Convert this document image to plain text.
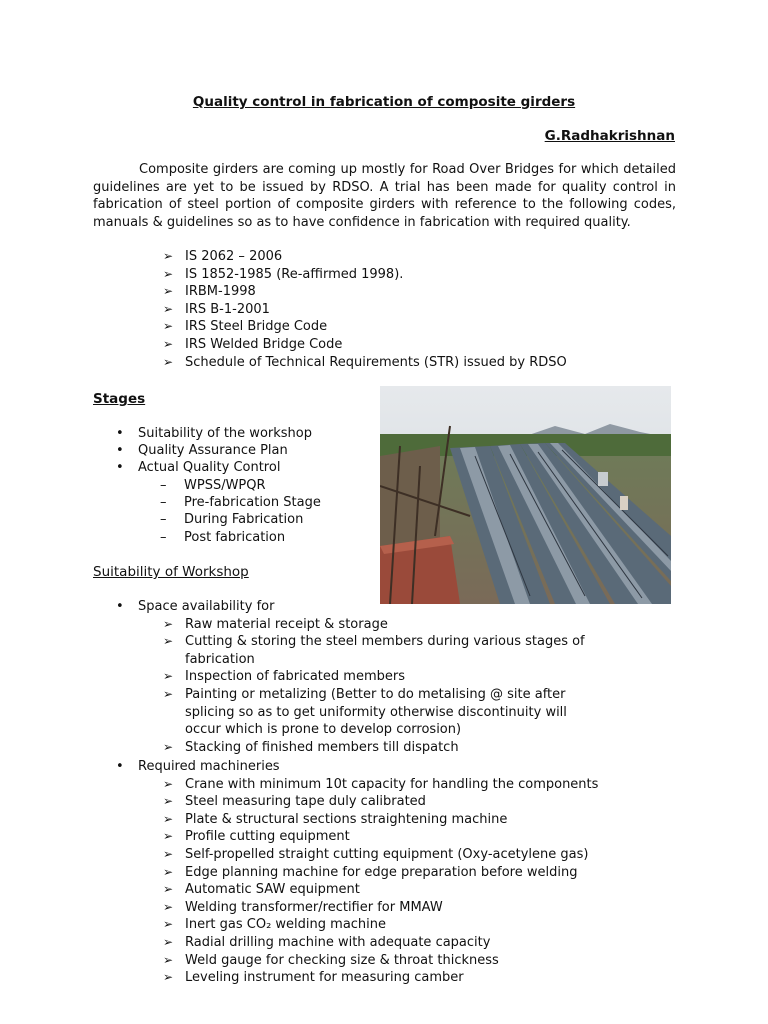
Quality control in fabrication of composite girders
G.Radhakrishnan

Composite girders are coming up mostly for Road Over Bridges for which detailed guidelines are yet to be issued by RDSO. A trial has been made for quality control in fabrication of steel portion of composite girders with reference to the following codes, manuals & guidelines so as to have confidence in fabrication with required quality.

➢ IS 2062 – 2006
➢ IS 1852-1985 (Re-affirmed 1998).
➢ IRBM-1998
➢ IRS B-1-2001
➢ IRS Steel Bridge Code
➢ IRS Welded Bridge Code
➢ Schedule of Technical Requirements (STR) issued by RDSO
Stages
• Suitability of the workshop
• Quality Assurance Plan
• Actual Quality Control
– WPSS/WPQR
– Pre-fabrication Stage
– During Fabrication
– Post fabrication
Suitability of Workshop
• Space availability for
➢ Raw material receipt & storage
➢ Cutting & storing the steel members during various stages of fabrication
➢ Inspection of fabricated members
➢ Painting or metalizing (Better to do metalising @ site after splicing so as to get uniformity otherwise discontinuity will occur which is prone to develop corrosion)
➢ Stacking of finished members till dispatch
• Required machineries
➢ Crane with minimum 10t capacity for handling the components
➢ Steel measuring tape duly calibrated
➢ Plate & structural sections straightening machine
➢ Profile cutting equipment
➢ Self-propelled straight cutting equipment (Oxy-acetylene gas)
➢ Edge planning machine for edge preparation before welding
➢ Automatic SAW equipment
➢ Welding transformer/rectifier for MMAW
➢ Inert gas CO₂ welding machine
➢ Radial drilling machine with adequate capacity
➢ Weld gauge for checking size & throat thickness
➢ Leveling instrument for measuring camber
